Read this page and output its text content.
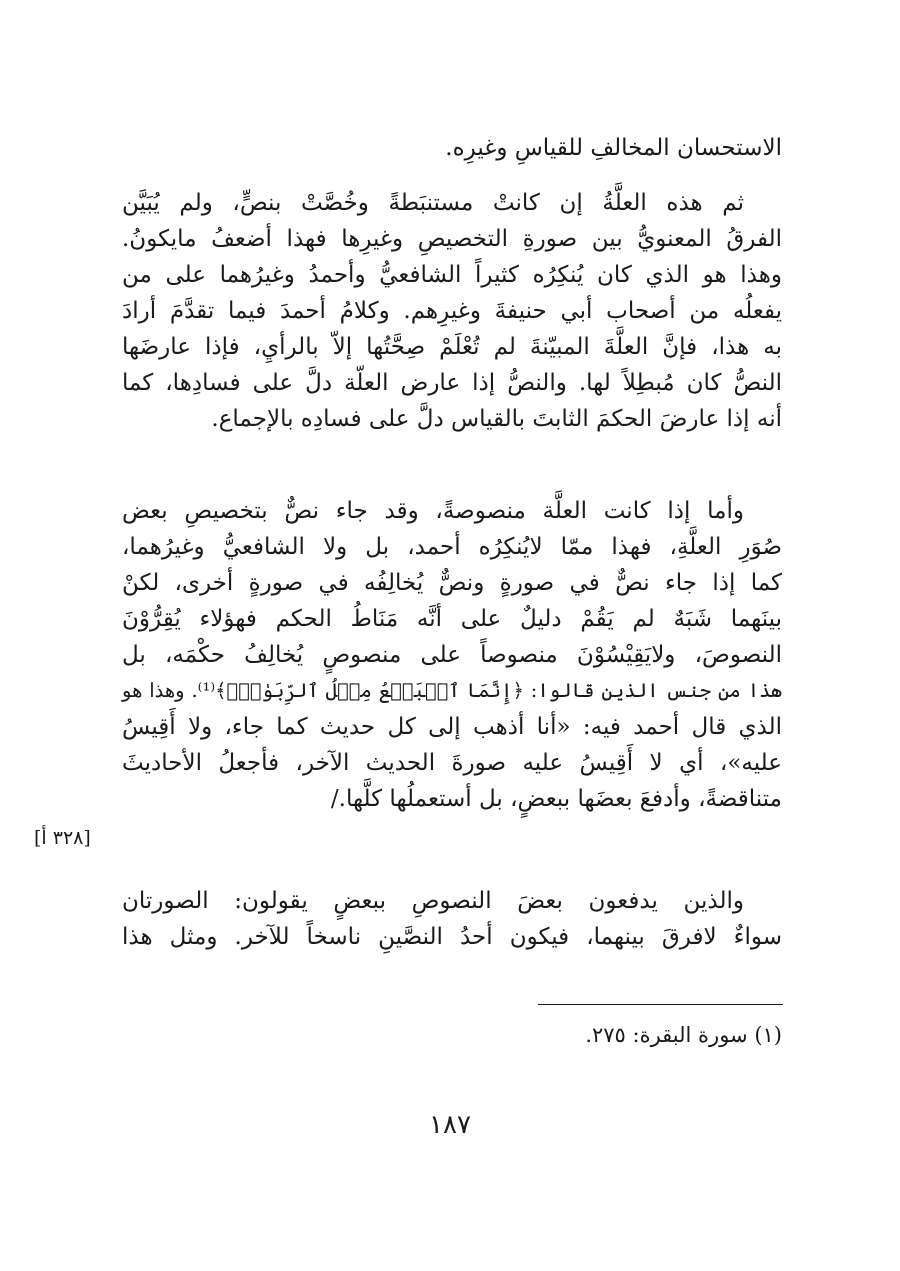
الاستحسان المخالفِ للقياسِ وغيرِه.
ثم هذه العلَّةُ إن كانتْ مستنبَطةً وخُصَّتْ بنصٍّ، ولم يُبَيَّن
الفرقُ المعنويُّ بين صورةِ التخصيصِ وغيرِها فهذا أضعفُ مايكونُ.
وهذا هو الذي كان يُنكِرُه كثيراً الشافعيُّ وأحمدُ وغيرُهما على من
يفعلُه من أصحاب أبي حنيفةَ وغيرِهم. وكلامُ أحمدَ فيما تقدَّمَ أرادَ
به هذا، فإنَّ العلَّةَ المبيّنةَ لم تُعْلَمْ صِحَّتُها إلاّ بالرأيِ، فإذا عارضَها
النصُّ كان مُبطِلاً لها. والنصُّ إذا عارض العلّة دلَّ على فسادِها، كما
أنه إذا عارضَ الحكمَ الثابتَ بالقياس دلَّ على فسادِه بالإجماع.
وأما إذا كانت العلَّة منصوصةً، وقد جاء نصٌّ بتخصيصِ بعض
صُوَرِ العلَّةِ، فهذا ممّا لايُنكِرُه أحمد، بل ولا الشافعيُّ وغيرُهما،
كما إذا جاء نصٌّ في صورةٍ ونصٌّ يُخالِفُه في صورةٍ أخرى، لكنْ
بينَهما شَبَهٌ لم يَقُمْ دليلٌ على أنَّه مَنَاطُ الحكم فهؤلاء يُقِرُّوْنَ
النصوصَ، ولايَقِيْسُوْنَ منصوصاً على منصوصٍ يُخالِفُ حكْمَه، بل
هذا من جنس الذين قالوا: ﴿إِنَّمَا ٱلۡبَيۡعُ مِثۡلُ ٱلرِّبَوٰاْۗ﴾⁽¹⁾. وهذا هو
الذي قال أحمد فيه: «أنا أذهب إلى كل حديث كما جاء، ولا أَقِيسُ
عليه»، أي لا أَقِيسُ عليه صورةَ الحديث الآخر، فأجعلُ الأحاديثَ
متناقضةً، وأدفعَ بعضَها ببعضٍ، بل أستعملُها كلَّها./
[٣٢٨ أ]
والذين يدفعون بعضَ النصوصِ ببعضٍ يقولون: الصورتان
سواءٌ لافرقَ بينهما، فيكون أحدُ النصَّينِ ناسخاً للآخر. ومثل هذا
(١) سورة البقرة: ٢٧٥.
١٨٧
